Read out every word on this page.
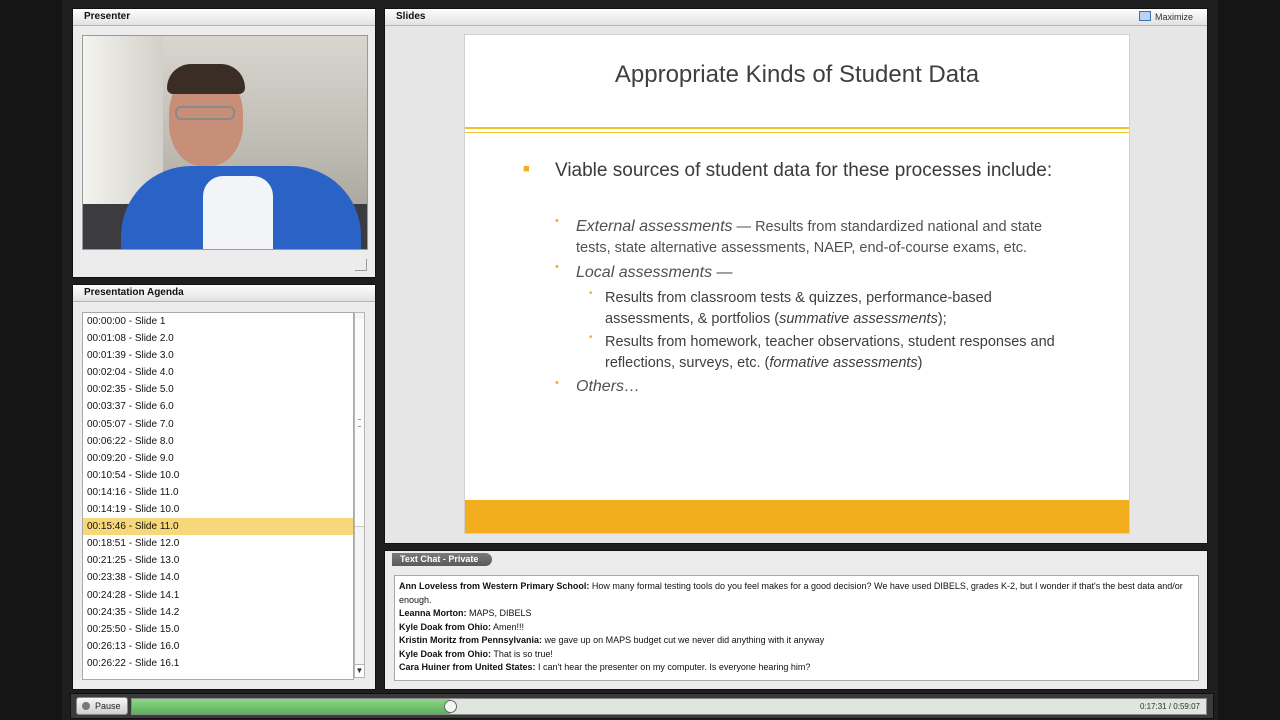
Presenter
Presentation Agenda
00:00:00 - Slide 1
00:01:08 - Slide 2.0
00:01:39 - Slide 3.0
00:02:04 - Slide 4.0
00:02:35 - Slide 5.0
00:03:37 - Slide 6.0
00:05:07 - Slide 7.0
00:06:22 - Slide 8.0
00:09:20 - Slide 9.0
00:10:54 - Slide 10.0
00:14:16 - Slide 11.0
00:14:19 - Slide 10.0
00:15:46 - Slide 11.0
00:18:51 - Slide 12.0
00:21:25 - Slide 13.0
00:23:38 - Slide 14.0
00:24:28 - Slide 14.1
00:24:35 - Slide 14.2
00:25:50 - Slide 15.0
00:26:13 - Slide 16.0
00:26:22 - Slide 16.1
▼
Slides	Maximize
Appropriate Kinds of Student Data
■ Viable sources of student data for these processes include:
• External assessments — Results from standardized national and state tests, state alternative assessments, NAEP, end-of-course exams, etc.
• Local assessments —
• Results from classroom tests & quizzes, performance-based assessments, & portfolios (summative assessments);
• Results from homework, teacher observations, student responses and reflections, surveys, etc. (formative assessments)
• Others…
Text Chat - Private
Ann Loveless from Western Primary School: How many formal testing tools do you feel makes for a good decision? We have used DIBELS, grades K-2, but I wonder if that's the best data and/or enough.
Leanna Morton: MAPS, DIBELS
Kyle Doak from Ohio: Amen!!!
Kristin Moritz from Pennsylvania: we gave up on MAPS budget cut we never did anything with it anyway
Kyle Doak from Ohio: That is so true!
Cara Huiner from United States: I can't hear the presenter on my computer. Is everyone hearing him?
Pause	0:17:31 / 0:59:07
